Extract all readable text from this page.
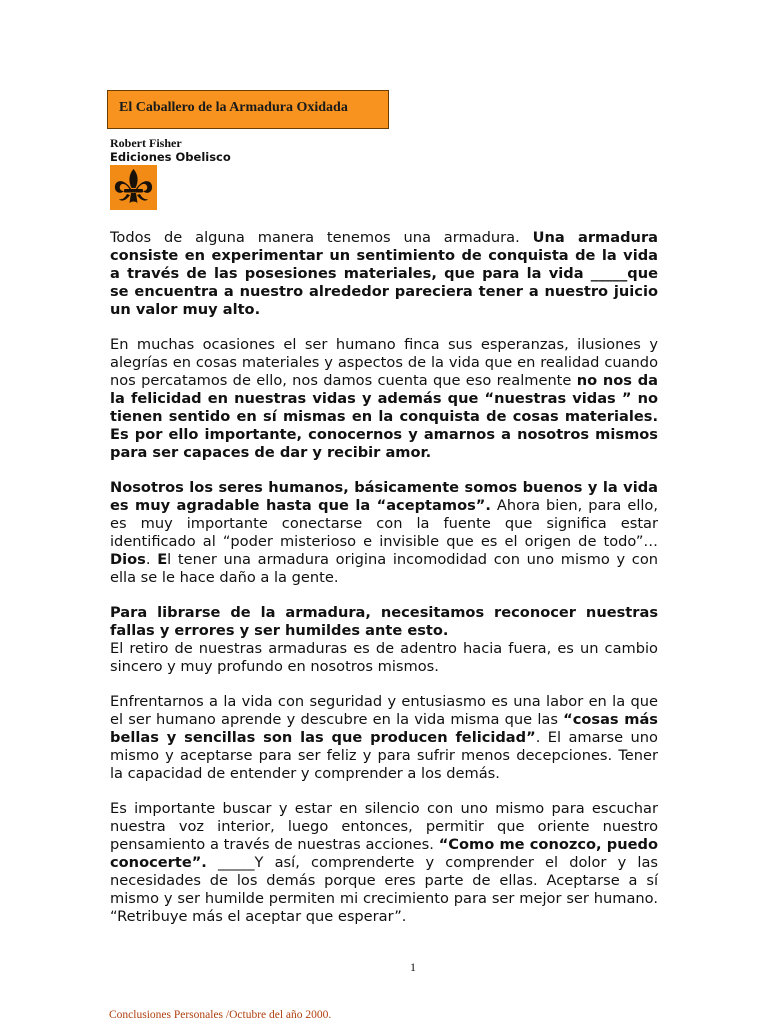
El Caballero de la Armadura Oxidada
Robert Fisher
Ediciones Obelisco

Todos de alguna manera tenemos una armadura. Una armadura consiste en experimentar un sentimiento de conquista de la vida a través de las posesiones materiales, que para la vida _____que se encuentra a nuestro alrededor pareciera tener a nuestro juicio un valor muy alto.

En muchas ocasiones el ser humano finca sus esperanzas, ilusiones y alegrías en cosas materiales y aspectos de la vida que en realidad cuando nos percatamos de ello, nos damos cuenta que eso realmente no nos da la felicidad en nuestras vidas y además que “nuestras vidas ” no tienen sentido en sí mismas en la conquista de cosas materiales. Es por ello importante, conocernos y amarnos a nosotros mismos para ser capaces de dar y recibir amor.

Nosotros los seres humanos, básicamente somos buenos y la vida es muy agradable hasta que la “aceptamos”. Ahora bien, para ello, es muy importante conectarse con la fuente que significa estar identificado al “poder misterioso e invisible que es el origen de todo”… Dios. El tener una armadura origina incomodidad con uno mismo y con ella se le hace daño a la gente.

Para librarse de la armadura, necesitamos reconocer nuestras fallas y errores y ser humildes ante esto.

El retiro de nuestras armaduras es de adentro hacia fuera, es un cambio sincero y muy profundo en nosotros mismos.

Enfrentarnos a la vida con seguridad y entusiasmo es una labor en la que el ser humano aprende y descubre en la vida misma que las “cosas más bellas y sencillas son las que producen felicidad”. El amarse uno mismo y aceptarse para ser feliz y para sufrir menos decepciones. Tener la capacidad de entender y comprender a los demás.

Es importante buscar y estar en silencio con uno mismo para escuchar nuestra voz interior, luego entonces, permitir que oriente nuestro pensamiento a través de nuestras acciones. “Como me conozco, puedo conocerte”. _____Y así, comprenderte y comprender el dolor y las necesidades de los demás porque eres parte de ellas. Aceptarse a sí mismo y ser humilde permiten mi crecimiento para ser mejor ser humano. “Retribuye más el aceptar que esperar”.

1
Conclusiones Personales /Octubre del año 2000.
